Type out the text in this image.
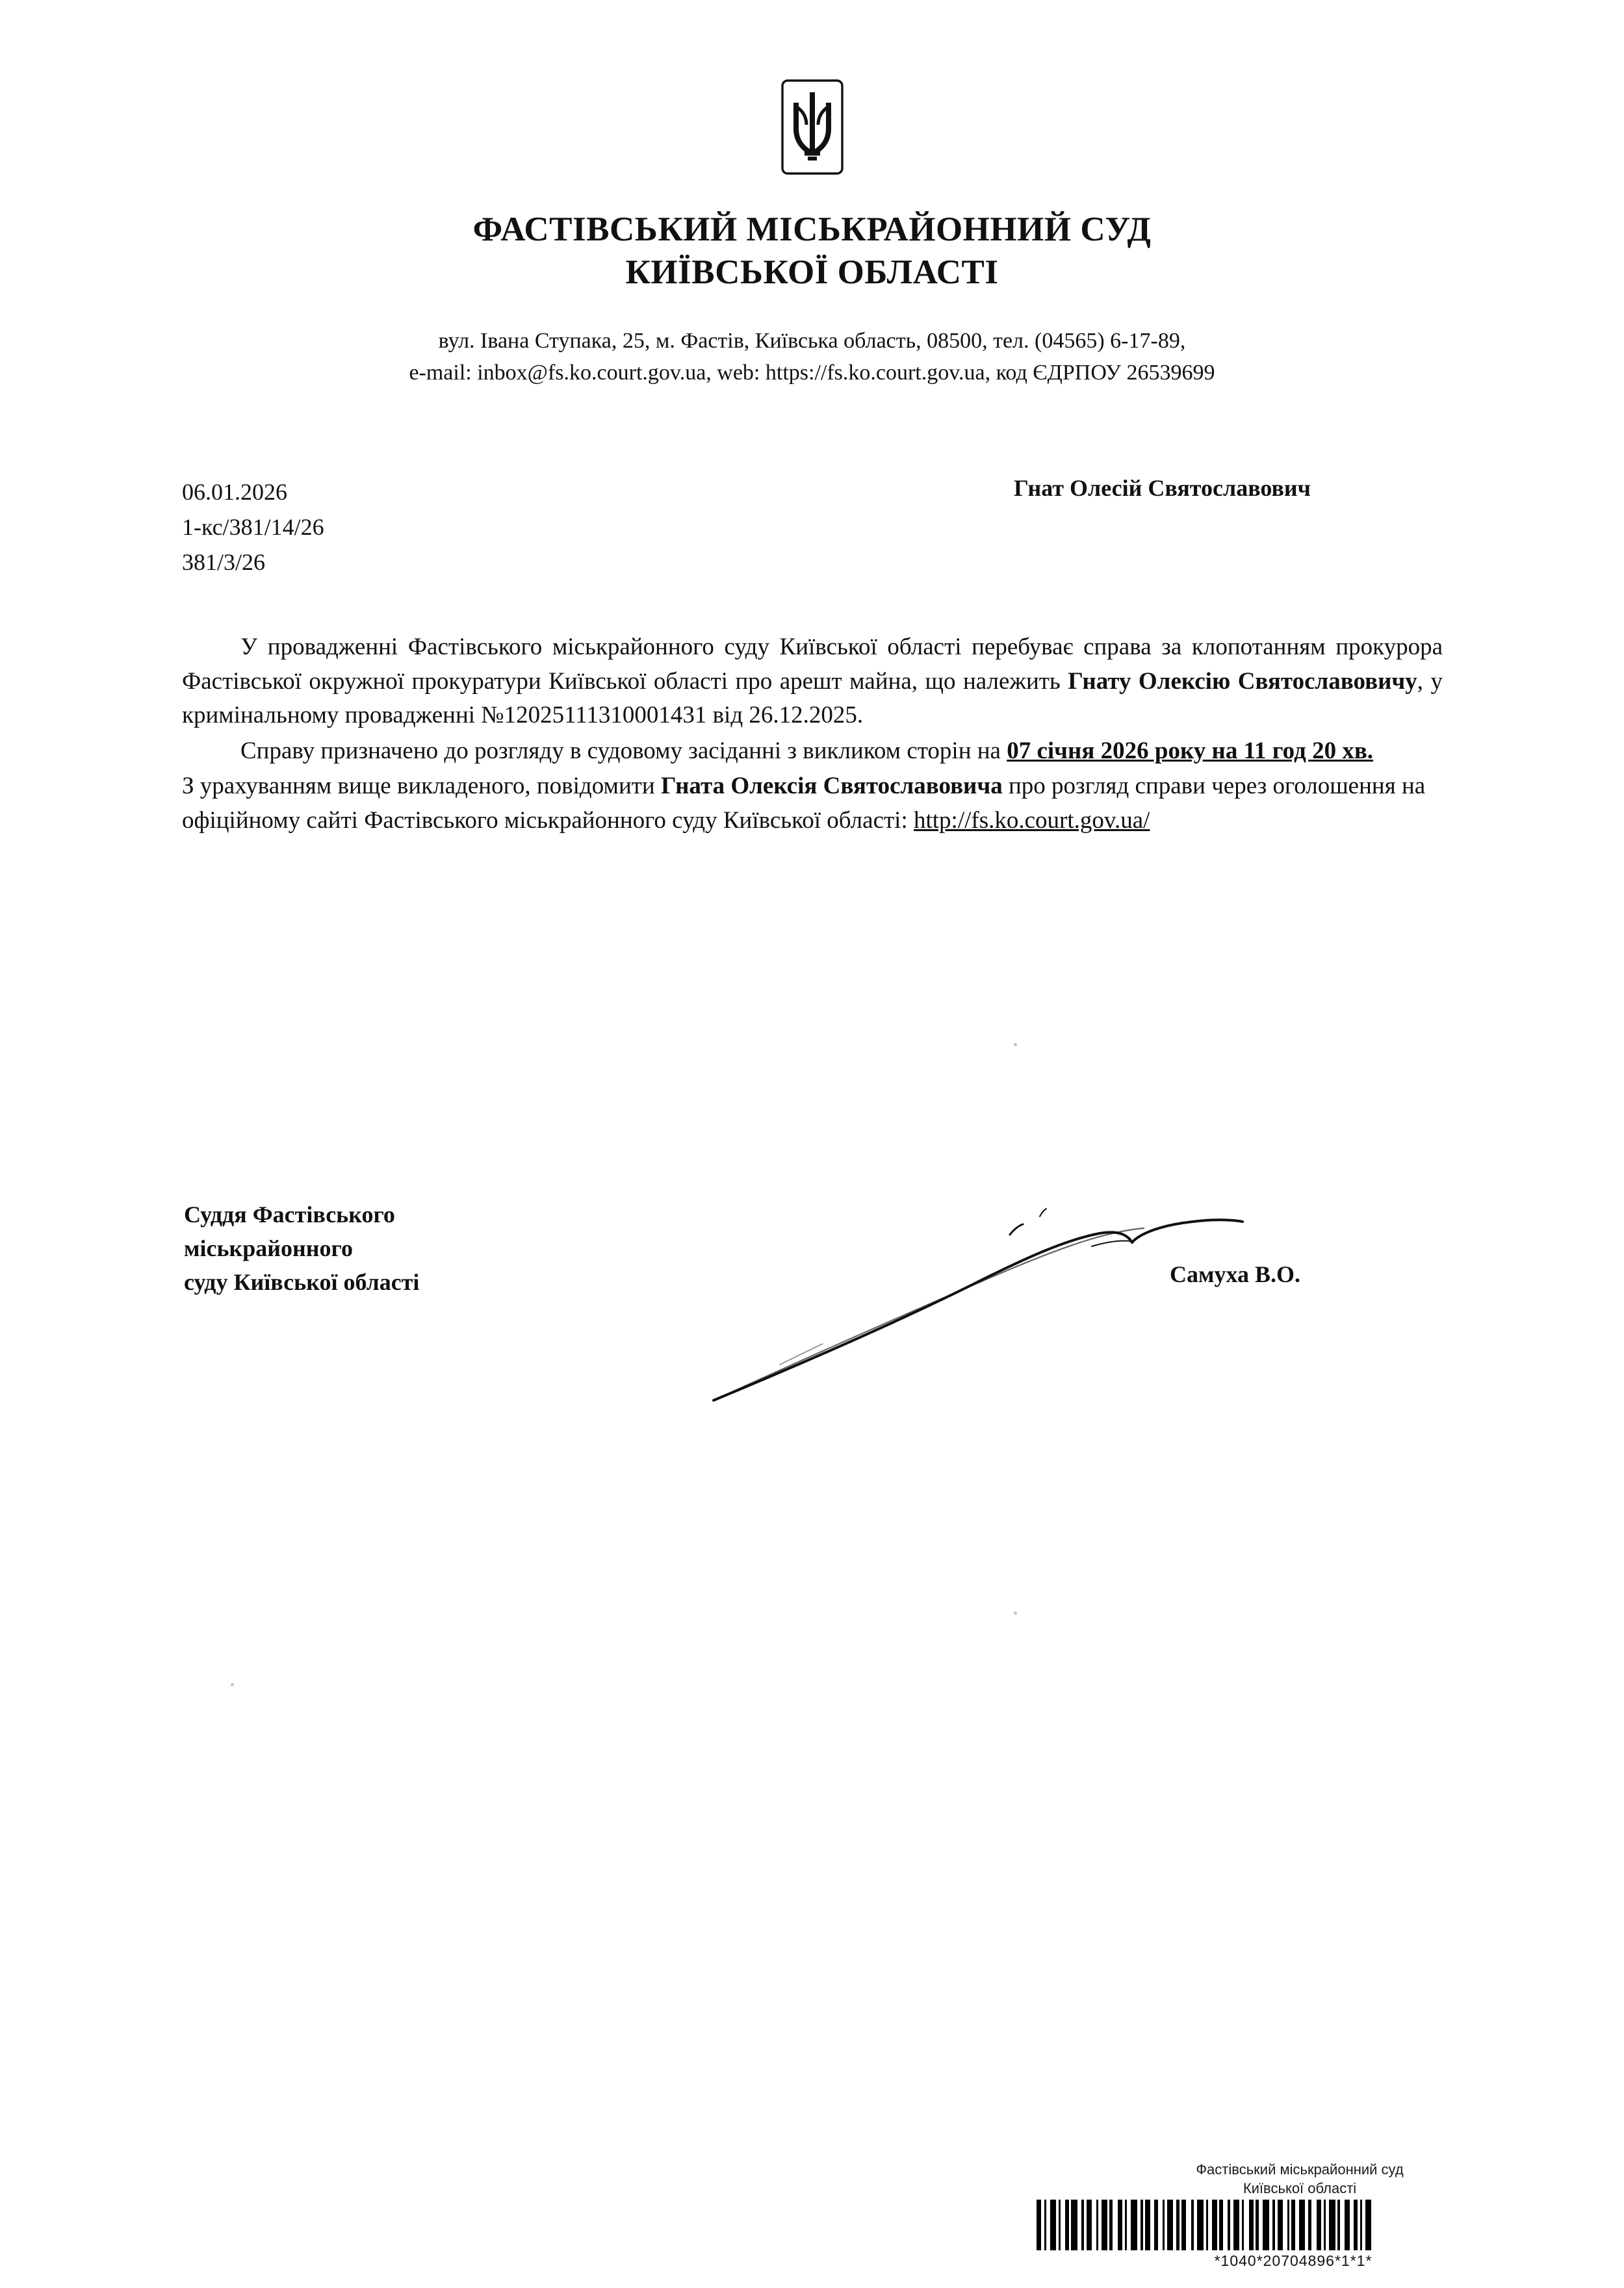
ФАСТІВСЬКИЙ МІСЬКРАЙОННИЙ СУД
КИЇВСЬКОЇ ОБЛАСТІ
вул. Івана Ступака, 25, м. Фастів, Київська область, 08500, тел. (04565) 6-17-89,
e-mail: inbox@fs.ko.court.gov.ua, web: https://fs.ko.court.gov.ua, код ЄДРПОУ 26539699
06.01.2026
1-кс/381/14/26
381/3/26
Гнат Олесій Святославович

У провадженні Фастівського міськрайонного суду Київської області перебуває справа за клопотанням прокурора Фастівської окружної прокуратури Київської області про арешт майна, що належить Гнату Олексію Святославовичу, у кримінальному провадженні №12025111310001431 від 26.12.2025.

Справу призначено до розгляду в судовому засіданні з викликом сторін на 07 січня 2026 року на 11 год 20 хв.

З урахуванням вище викладеного, повідомити Гната Олексія Святославовича про розгляд справи через оголошення на офіційному сайті Фастівського міськрайонного суду Київської області: http://fs.ko.court.gov.ua/

Суддя Фастівського
міськрайонного
суду Київської області	Самуха В.О.
Фастівський міськрайонний суд
Київської області
*1040*20704896*1*1*
